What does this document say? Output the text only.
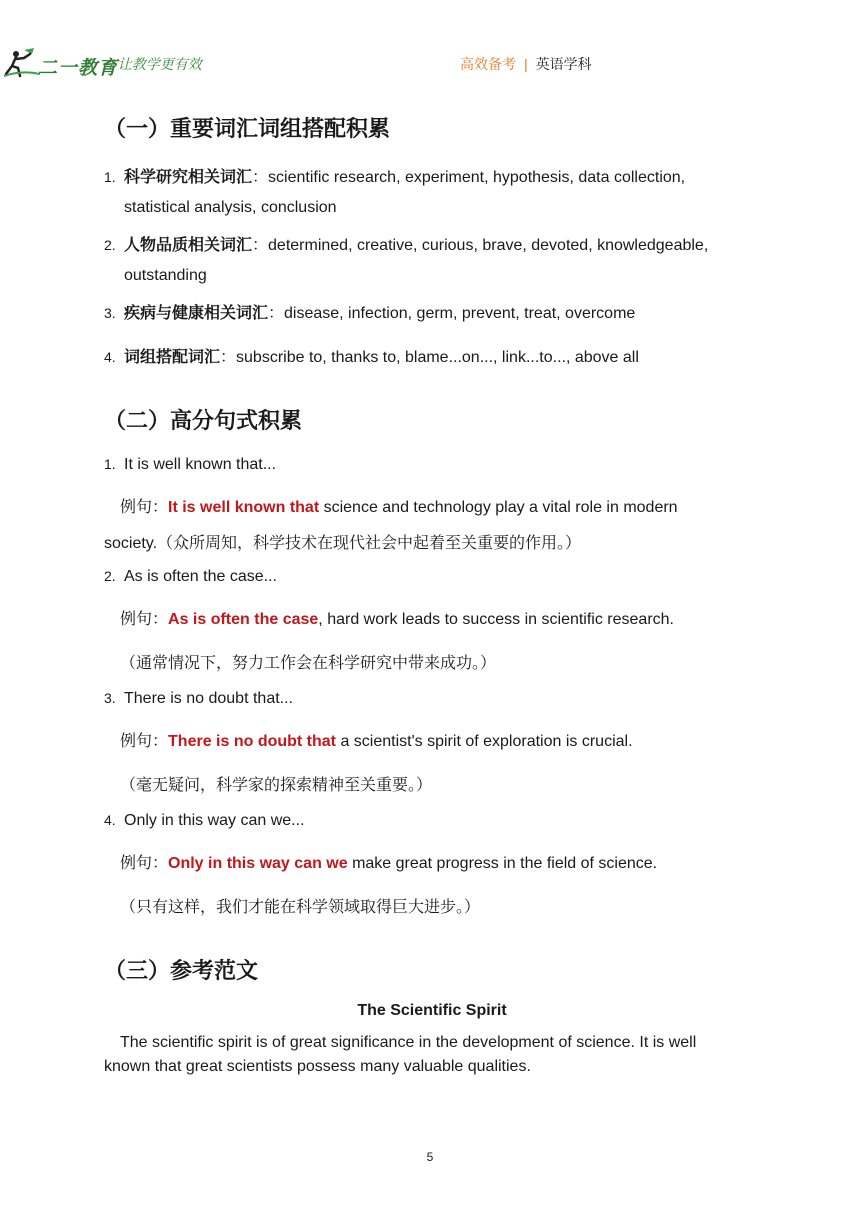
二一教育
/ 让教学更有效	高效备考 | 英语学科
（一）重要词汇词组搭配积累
1. 科学研究相关词汇：scientific research, experiment, hypothesis, data collection,
statistical analysis, conclusion
2. 人物品质相关词汇：determined, creative, curious, brave, devoted, knowledgeable,
outstanding
3. 疾病与健康相关词汇：disease, infection, germ, prevent, treat, overcome
4. 词组搭配词汇：subscribe to, thanks to, blame...on..., link...to..., above all
（二）高分句式积累
1. It is well known that...
例句：It is well known that science and technology play a vital role in modern
society.（众所周知，科学技术在现代社会中起着至关重要的作用。）
2. As is often the case...
例句：As is often the case, hard work leads to success in scientific research.
（通常情况下，努力工作会在科学研究中带来成功。）
3. There is no doubt that...
例句：There is no doubt that a scientist's spirit of exploration is crucial.
（毫无疑问，科学家的探索精神至关重要。）
4. Only in this way can we...
例句：Only in this way can we make great progress in the field of science.
（只有这样，我们才能在科学领域取得巨大进步。）
（三）参考范文
The Scientific Spirit
The scientific spirit is of great significance in the development of science. It is well
known that great scientists possess many valuable qualities.
5
